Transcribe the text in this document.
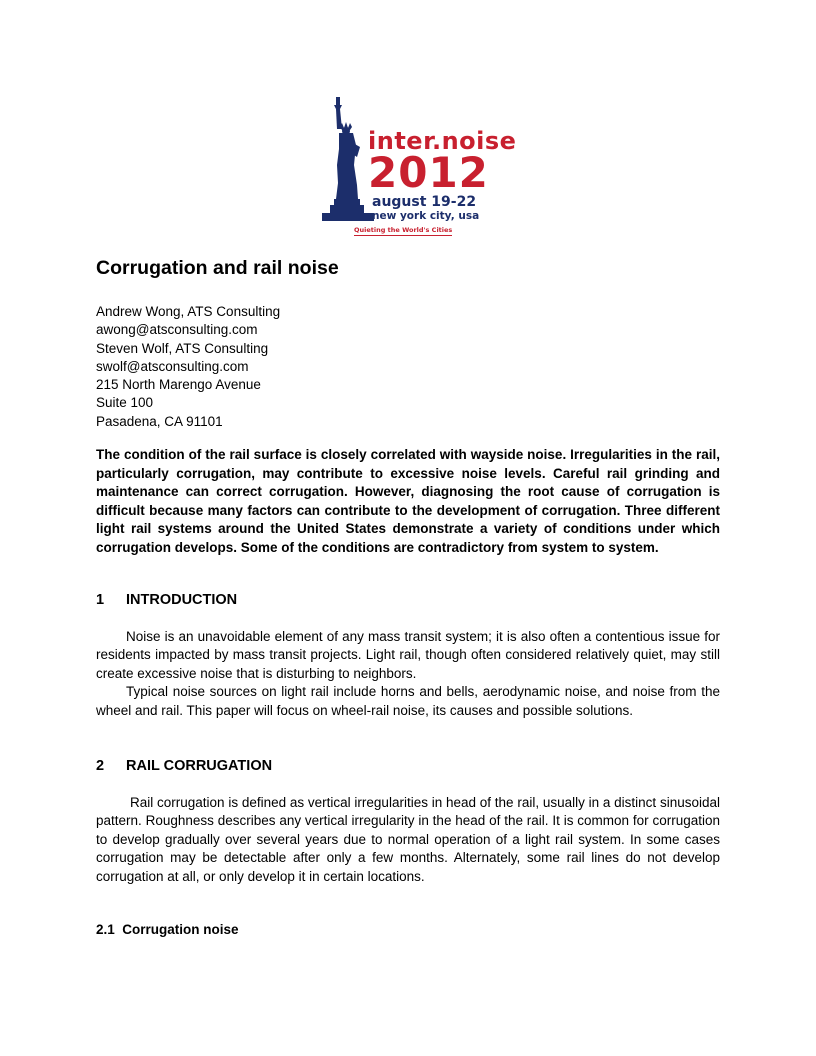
inter.noise
2012
august 19-22
new york city, usa
Quieting the World's Cities
Corrugation and rail noise
Andrew Wong, ATS Consulting
awong@atsconsulting.com
Steven Wolf, ATS Consulting
swolf@atsconsulting.com
215 North Marengo Avenue
Suite 100
Pasadena, CA 91101

The condition of the rail surface is closely correlated with wayside noise. Irregularities in the rail, particularly corrugation, may contribute to excessive noise levels. Careful rail grinding and maintenance can correct corrugation. However, diagnosing the root cause of corrugation is difficult because many factors can contribute to the development of corrugation. Three different light rail systems around the United States demonstrate a variety of conditions under which corrugation develops. Some of the conditions are contradictory from system to system.

1 INTRODUCTION

Noise is an unavoidable element of any mass transit system; it is also often a contentious issue for residents impacted by mass transit projects. Light rail, though often considered relatively quiet, may still create excessive noise that is disturbing to neighbors.

Typical noise sources on light rail include horns and bells, aerodynamic noise, and noise from the wheel and rail. This paper will focus on wheel-rail noise, its causes and possible solutions.

2 RAIL CORRUGATION

Rail corrugation is defined as vertical irregularities in head of the rail, usually in a distinct sinusoidal pattern. Roughness describes any vertical irregularity in the head of the rail. It is common for corrugation to develop gradually over several years due to normal operation of a light rail system. In some cases corrugation may be detectable after only a few months. Alternately, some rail lines do not develop corrugation at all, or only develop it in certain locations.

2.1 Corrugation noise
